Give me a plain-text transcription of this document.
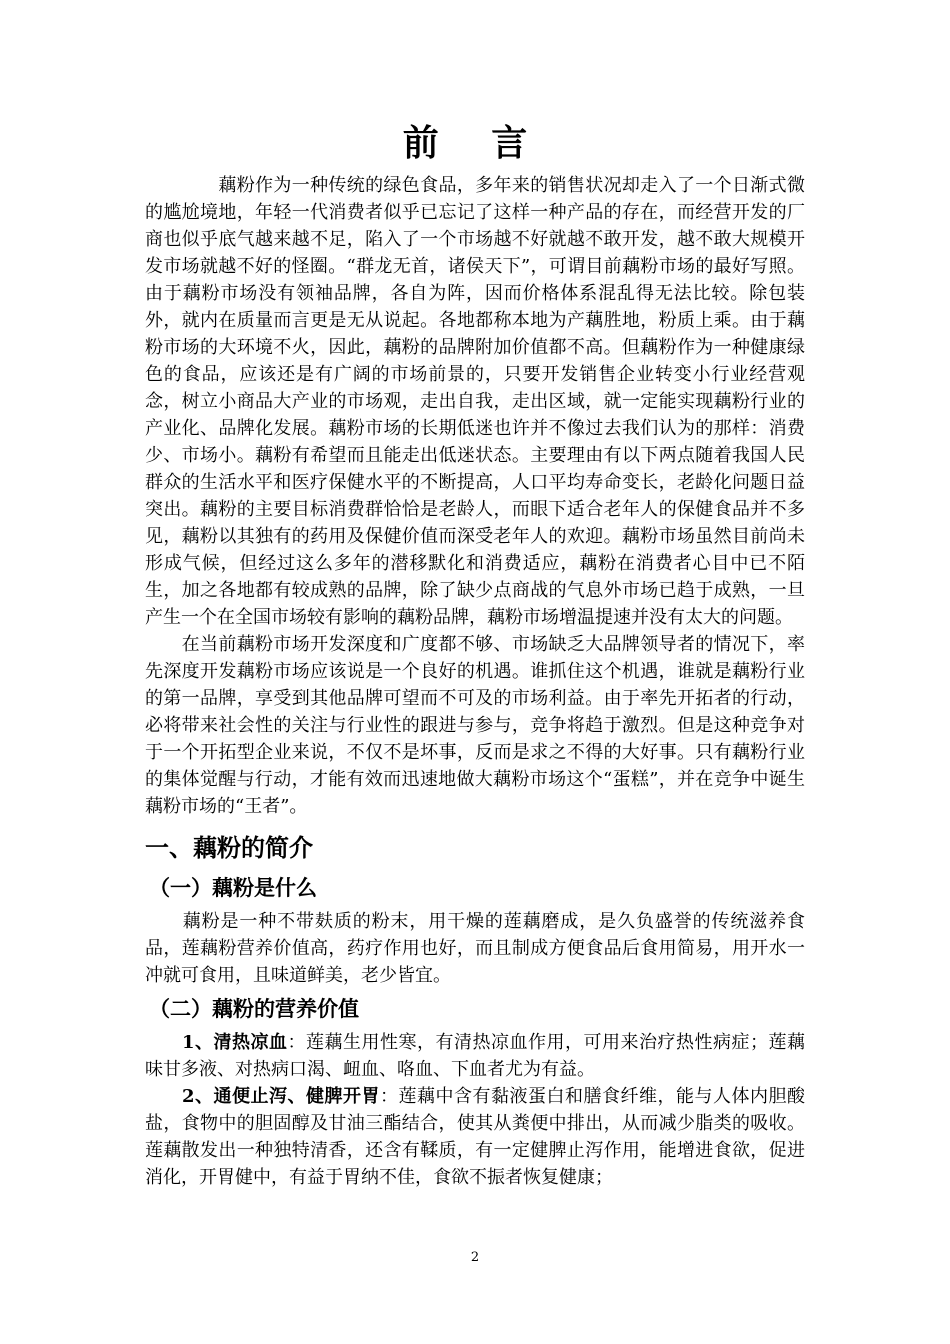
前 言

　　　　藕粉作为一种传统的绿色食品，多年来的销售状况却走入了一个日渐式微的尴尬境地，年轻一代消费者似乎已忘记了这样一种产品的存在，而经营开发的厂商也似乎底气越来越不足，陷入了一个市场越不好就越不敢开发，越不敢大规模开发市场就越不好的怪圈。“群龙无首，诸侯天下”，可谓目前藕粉市场的最好写照。由于藕粉市场没有领袖品牌，各自为阵，因而价格体系混乱得无法比较。除包装外，就内在质量而言更是无从说起。各地都称本地为产藕胜地，粉质上乘。由于藕粉市场的大环境不火，因此，藕粉的品牌附加价值都不高。但藕粉作为一种健康绿色的食品，应该还是有广阔的市场前景的，只要开发销售企业转变小行业经营观念，树立小商品大产业的市场观，走出自我，走出区域，就一定能实现藕粉行业的产业化、品牌化发展。藕粉市场的长期低迷也许并不像过去我们认为的那样：消费少、市场小。藕粉有希望而且能走出低迷状态。主要理由有以下两点随着我国人民群众的生活水平和医疗保健水平的不断提高，人口平均寿命变长，老龄化问题日益突出。藕粉的主要目标消费群恰恰是老龄人，而眼下适合老年人的保健食品并不多见，藕粉以其独有的药用及保健价值而深受老年人的欢迎。藕粉市场虽然目前尚未形成气候，但经过这么多年的潜移默化和消费适应，藕粉在消费者心目中已不陌生，加之各地都有较成熟的品牌，除了缺少点商战的气息外市场已趋于成熟，一旦产生一个在全国市场较有影响的藕粉品牌，藕粉市场增温提速并没有太大的问题。

　　在当前藕粉市场开发深度和广度都不够、市场缺乏大品牌领导者的情况下，率先深度开发藕粉市场应该说是一个良好的机遇。谁抓住这个机遇，谁就是藕粉行业的第一品牌，享受到其他品牌可望而不可及的市场利益。由于率先开拓者的行动，必将带来社会性的关注与行业性的跟进与参与，竞争将趋于激烈。但是这种竞争对于一个开拓型企业来说，不仅不是坏事，反而是求之不得的大好事。只有藕粉行业的集体觉醒与行动，才能有效而迅速地做大藕粉市场这个“蛋糕”，并在竞争中诞生藕粉市场的“王者”。

一、藕粉的简介
（一）藕粉是什么

　　藕粉是一种不带麸质的粉末，用干燥的莲藕磨成，是久负盛誉的传统滋养食品，莲藕粉营养价值高，药疗作用也好，而且制成方便食品后食用简易，用开水一冲就可食用，且味道鲜美，老少皆宜。

（二）藕粉的营养价值

　　1、清热凉血：莲藕生用性寒，有清热凉血作用，可用来治疗热性病症；莲藕味甘多液、对热病口渴、衄血、咯血、下血者尤为有益。

　　2、通便止泻、健脾开胃：莲藕中含有黏液蛋白和膳食纤维，能与人体内胆酸盐，食物中的胆固醇及甘油三酯结合，使其从粪便中排出，从而减少脂类的吸收。莲藕散发出一种独特清香，还含有鞣质，有一定健脾止泻作用，能增进食欲，促进消化，开胃健中，有益于胃纳不佳，食欲不振者恢复健康；

2
